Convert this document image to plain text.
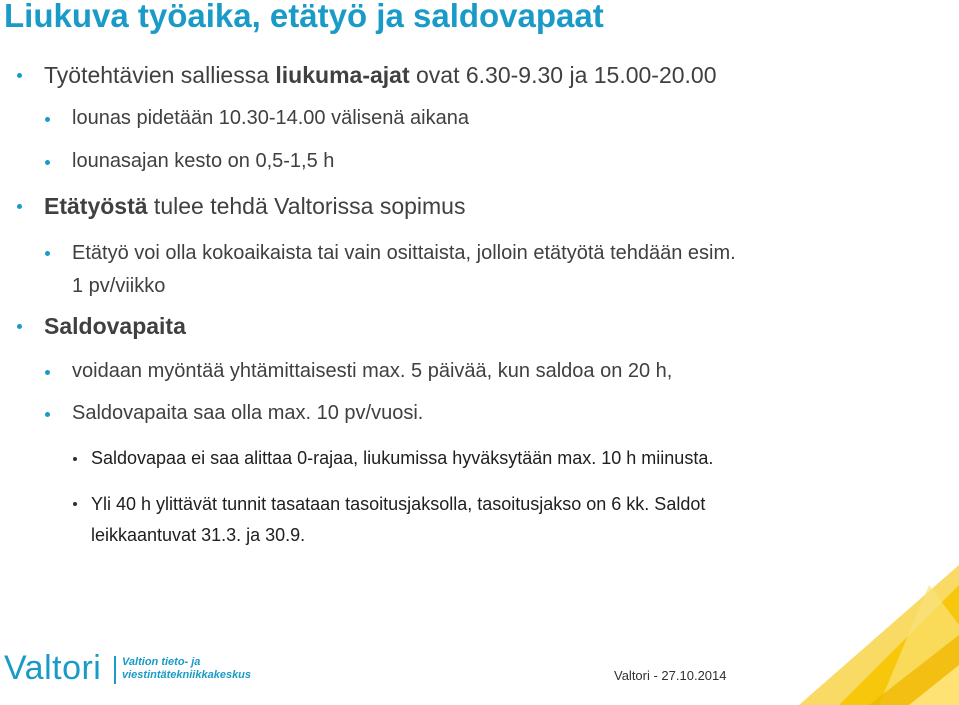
Liukuva työaika, etätyö ja saldovapaat
Työtehtävien salliessa liukuma-ajat ovat 6.30-9.30 ja 15.00-20.00
lounas pidetään 10.30-14.00 välisenä aikana
lounasajan kesto on 0,5-1,5 h
Etätyöstä tulee tehdä Valtorissa sopimus
Etätyö voi olla kokoaikaista tai vain osittaista, jolloin etätyötä tehdään esim.
1 pv/viikko
Saldovapaita
voidaan myöntää yhtämittaisesti max. 5 päivää, kun saldoa on 20 h,
Saldovapaita saa olla max. 10 pv/vuosi.
Saldovapaa ei saa alittaa 0-rajaa, liukumissa hyväksytään max. 10 h miinusta.
Yli 40 h ylittävät tunnit tasataan tasoitusjaksolla, tasoitusjakso on 6 kk. Saldot
leikkaantuvat 31.3. ja 30.9.
Valtori Valtion tieto- ja
viestintätekniikkakeskus	Valtori - 27.10.2014
